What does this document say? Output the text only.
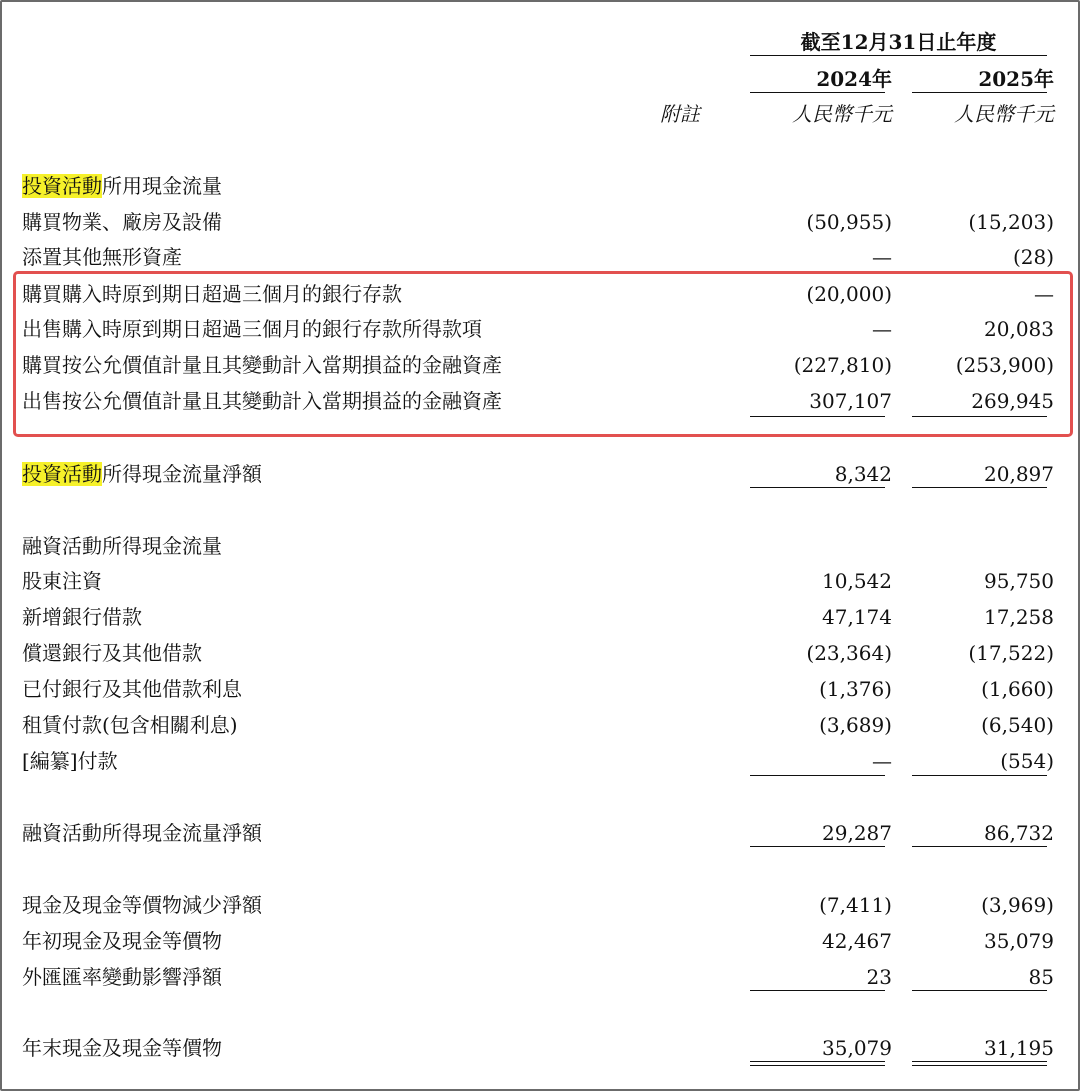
截至12月31日止年度
2024年	2025年
附註	人民幣千元	人民幣千元
投資活動所用現金流量
購買物業、廠房及設備	(50,955)	(15,203)
添置其他無形資產	—	(28)
購買購入時原到期日超過三個月的銀行存款	(20,000)	—
出售購入時原到期日超過三個月的銀行存款所得款項	—	20,083
購買按公允價值計量且其變動計入當期損益的金融資產	(227,810)	(253,900)
出售按公允價值計量且其變動計入當期損益的金融資產	307,107	269,945
投資活動所得現金流量淨額	8,342	20,897
融資活動所得現金流量
股東注資	10,542	95,750
新增銀行借款	47,174	17,258
償還銀行及其他借款	(23,364)	(17,522)
已付銀行及其他借款利息	(1,376)	(1,660)
租賃付款(包含相關利息)	(3,689)	(6,540)
[編纂]付款	—	(554)
融資活動所得現金流量淨額	29,287	86,732
現金及現金等價物減少淨額	(7,411)	(3,969)
年初現金及現金等價物	42,467	35,079
外匯匯率變動影響淨額	23	85
年末現金及現金等價物	35,079	31,195
